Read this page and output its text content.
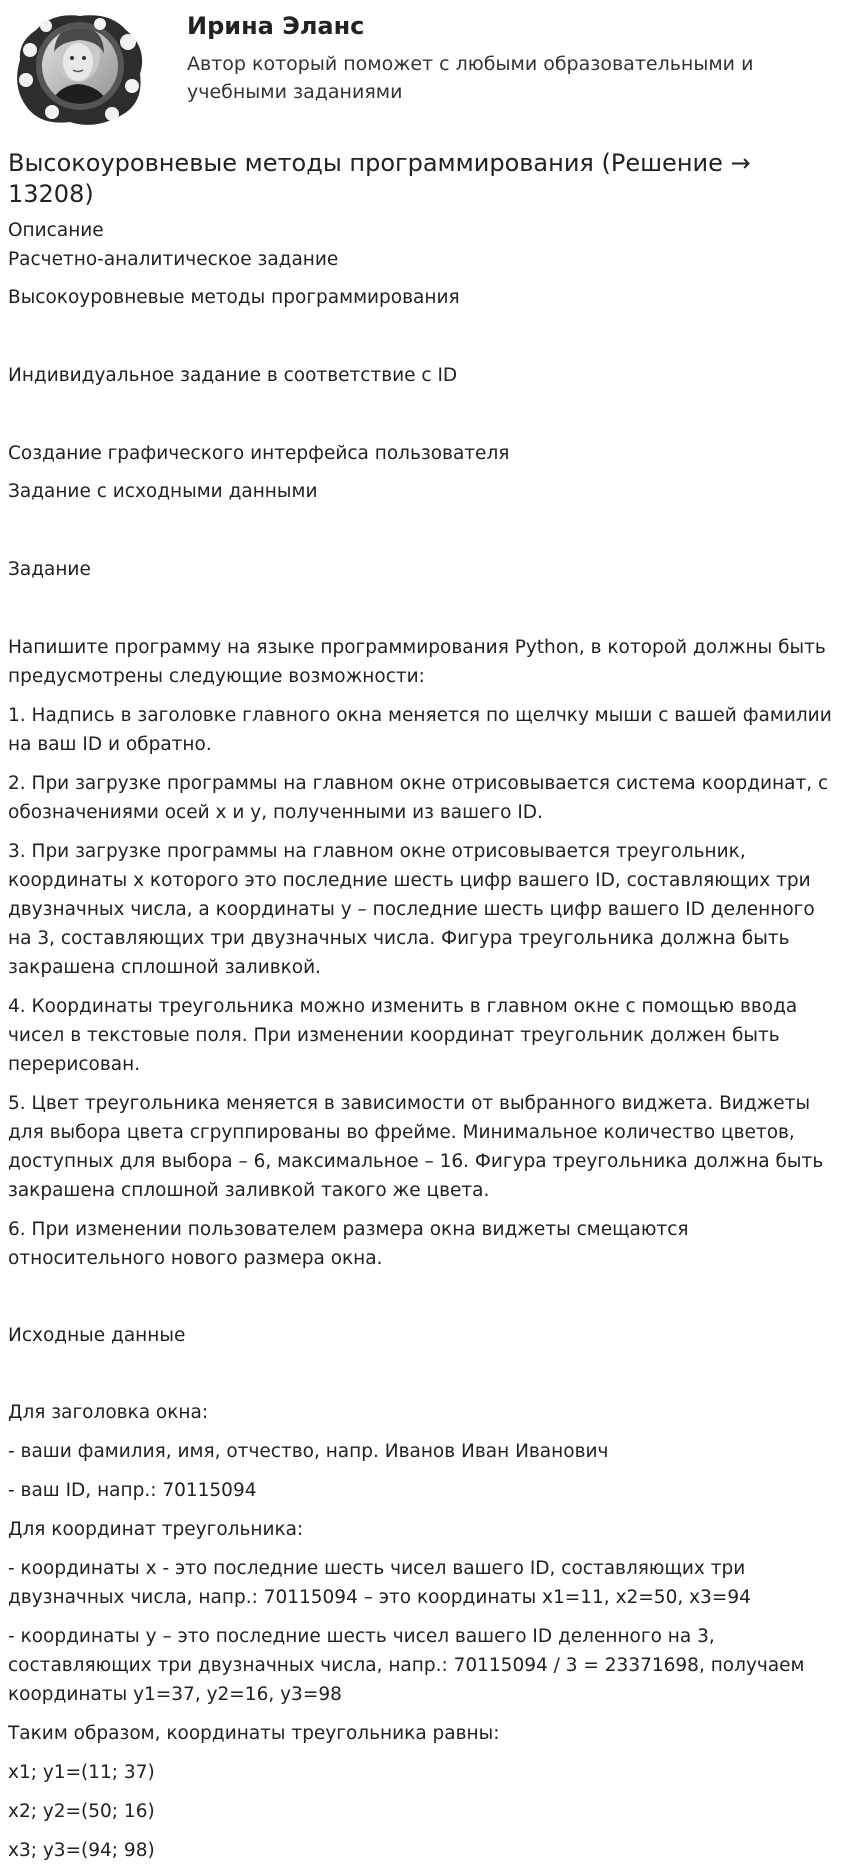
Ирина Эланс
Автор который поможет с любыми образовательными и учебными заданиями
Высокоуровневые методы программирования (Решение → 13208)

Описание

Расчетно-аналитическое задание

Высокоуровневые методы программирования

Индивидуальное задание в соответствие с ID

Создание графического интерфейса пользователя

Задание с исходными данными

Задание

Напишите программу на языке программирования Python, в которой должны быть предусмотрены следующие возможности:

1. Надпись в заголовке главного окна меняется по щелчку мыши с вашей фамилии на ваш ID и обратно.

2. При загрузке программы на главном окне отрисовывается система координат, с обозначениями осей x и y, полученными из вашего ID.

3. При загрузке программы на главном окне отрисовывается треугольник, координаты x которого это последние шесть цифр вашего ID, составляющих три двузначных числа, а координаты y – последние шесть цифр вашего ID деленного на 3, составляющих три двузначных числа. Фигура треугольника должна быть закрашена сплошной заливкой.

4. Координаты треугольника можно изменить в главном окне с помощью ввода чисел в текстовые поля. При изменении координат треугольник должен быть перерисован.

5. Цвет треугольника меняется в зависимости от выбранного виджета. Виджеты для выбора цвета сгруппированы во фрейме. Минимальное количество цветов, доступных для выбора – 6, максимальное – 16. Фигура треугольника должна быть закрашена сплошной заливкой такого же цвета.

6. При изменении пользователем размера окна виджеты смещаются относительного нового размера окна.

Исходные данные

Для заголовка окна:

- ваши фамилия, имя, отчество, напр. Иванов Иван Иванович

- ваш ID, напр.: 70115094

Для координат треугольника:

- координаты x - это последние шесть чисел вашего ID, составляющих три двузначных числа, напр.: 70115094 – это координаты x1=11, x2=50, x3=94

- координаты y – это последние шесть чисел вашего ID деленного на 3, составляющих три двузначных числа, напр.: 70115094 / 3 = 23371698, получаем координаты y1=37, y2=16, y3=98

Таким образом, координаты треугольника равны:

x1; y1=(11; 37)

x2; y2=(50; 16)

x3; y3=(94; 98)
